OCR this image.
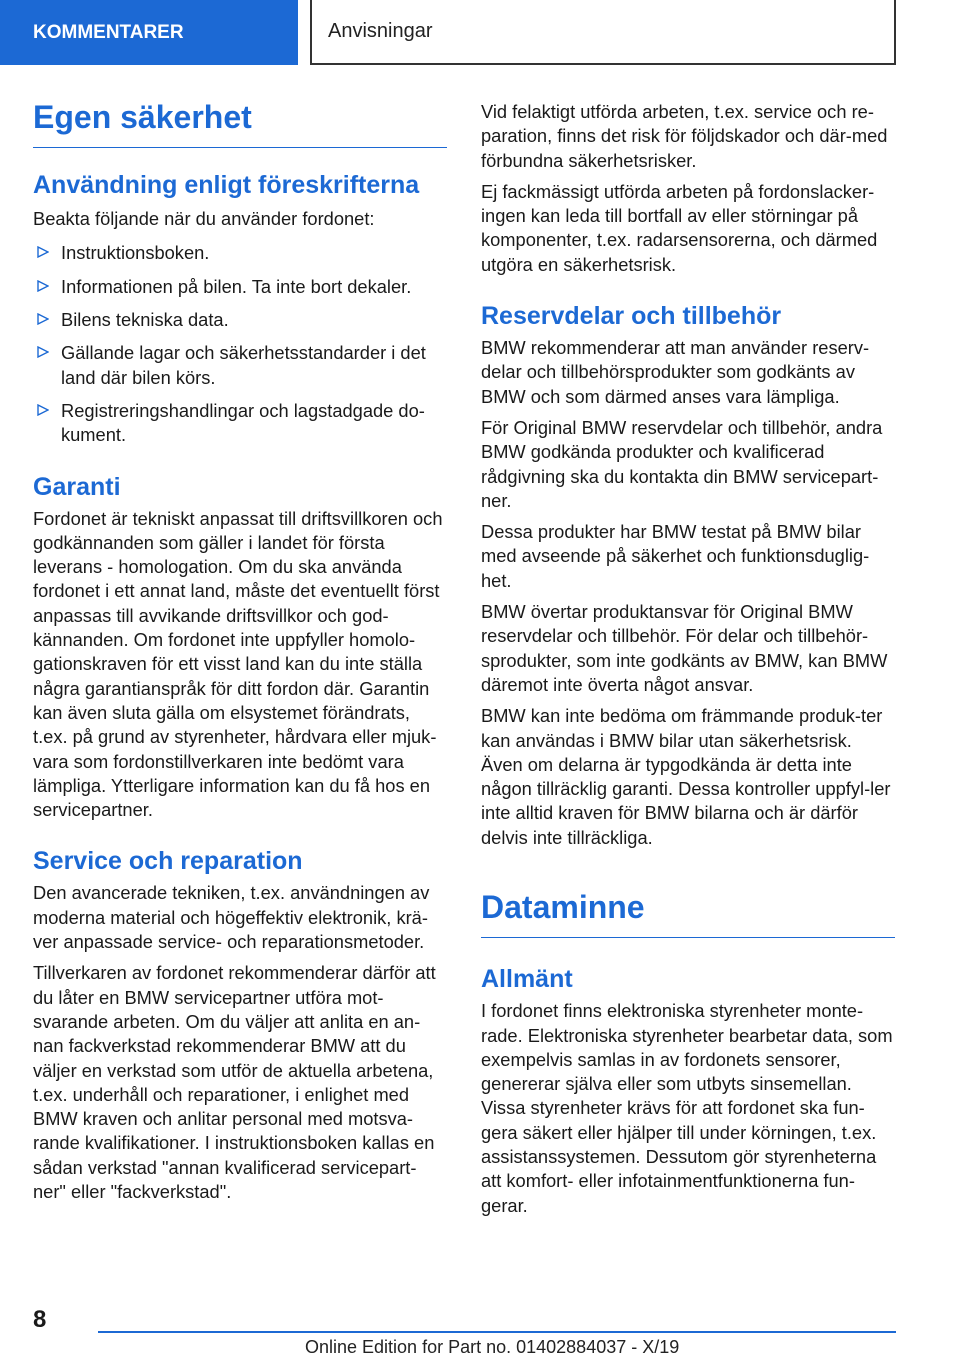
KOMMENTARER	Anvisningar
Egen säkerhet
Användning enligt föreskrifterna

Beakta följande när du använder fordonet:

Instruktionsboken.
Informationen på bilen. Ta inte bort dekaler.
Bilens tekniska data.
Gällande lagar och säkerhetsstandarder i det land där bilen körs.
Registreringshandlingar och lagstadgade do-kument.
Garanti

Fordonet är tekniskt anpassat till driftsvillkoren och godkännanden som gäller i landet för första leverans - homologation. Om du ska använda fordonet i ett annat land, måste det eventuellt först anpassas till avvikande driftsvillkor och god-kännanden. Om fordonet inte uppfyller homolo-gationskraven för ett visst land kan du inte ställa några garantianspråk för ditt fordon där. Garantin kan även sluta gälla om elsystemet förändrats, t.ex. på grund av styrenheter, hårdvara eller mjuk-vara som fordonstillverkaren inte bedömt vara lämpliga. Ytterligare information kan du få hos en servicepartner.

Service och reparation

Den avancerade tekniken, t.ex. användningen av moderna material och högeffektiv elektronik, krä-ver anpassade service- och reparationsmetoder.

Tillverkaren av fordonet rekommenderar därför att du låter en BMW servicepartner utföra mot-svarande arbeten. Om du väljer att anlita en an-nan fackverkstad rekommenderar BMW att du väljer en verkstad som utför de aktuella arbetena, t.ex. underhåll och reparationer, i enlighet med BMW kraven och anlitar personal med motsva-rande kvalifikationer. I instruktionsboken kallas en sådan verkstad "annan kvalificerad servicepart-ner" eller "fackverkstad".

Vid felaktigt utförda arbeten, t.ex. service och re-paration, finns det risk för följdskador och där-med förbundna säkerhetsrisker.

Ej fackmässigt utförda arbeten på fordonslacker-ingen kan leda till bortfall av eller störningar på komponenter, t.ex. radarsensorerna, och därmed utgöra en säkerhetsrisk.

Reservdelar och tillbehör

BMW rekommenderar att man använder reserv-delar och tillbehörsprodukter som godkänts av BMW och som därmed anses vara lämpliga.

För Original BMW reservdelar och tillbehör, andra BMW godkända produkter och kvalificerad rådgivning ska du kontakta din BMW servicepart-ner.

Dessa produkter har BMW testat på BMW bilar med avseende på säkerhet och funktionsduglig-het.

BMW övertar produktansvar för Original BMW reservdelar och tillbehör. För delar och tillbehör-sprodukter, som inte godkänts av BMW, kan BMW däremot inte överta något ansvar.

BMW kan inte bedöma om främmande produk-ter kan användas i BMW bilar utan säkerhetsrisk. Även om delarna är typgodkända är detta inte någon tillräcklig garanti. Dessa kontroller uppfyl-ler inte alltid kraven för BMW bilarna och är därför delvis inte tillräckliga.

Dataminne
Allmänt

I fordonet finns elektroniska styrenheter monte-rade. Elektroniska styrenheter bearbetar data, som exempelvis samlas in av fordonets sensorer, genererar själva eller som utbyts sinsemellan. Vissa styrenheter krävs för att fordonet ska fun-gera säkert eller hjälper till under körningen, t.ex. assistanssystemen. Dessutom gör styrenheterna att komfort- eller infotainmentfunktionerna fun-gerar.

8
Online Edition for Part no. 01402884037 - X/19
